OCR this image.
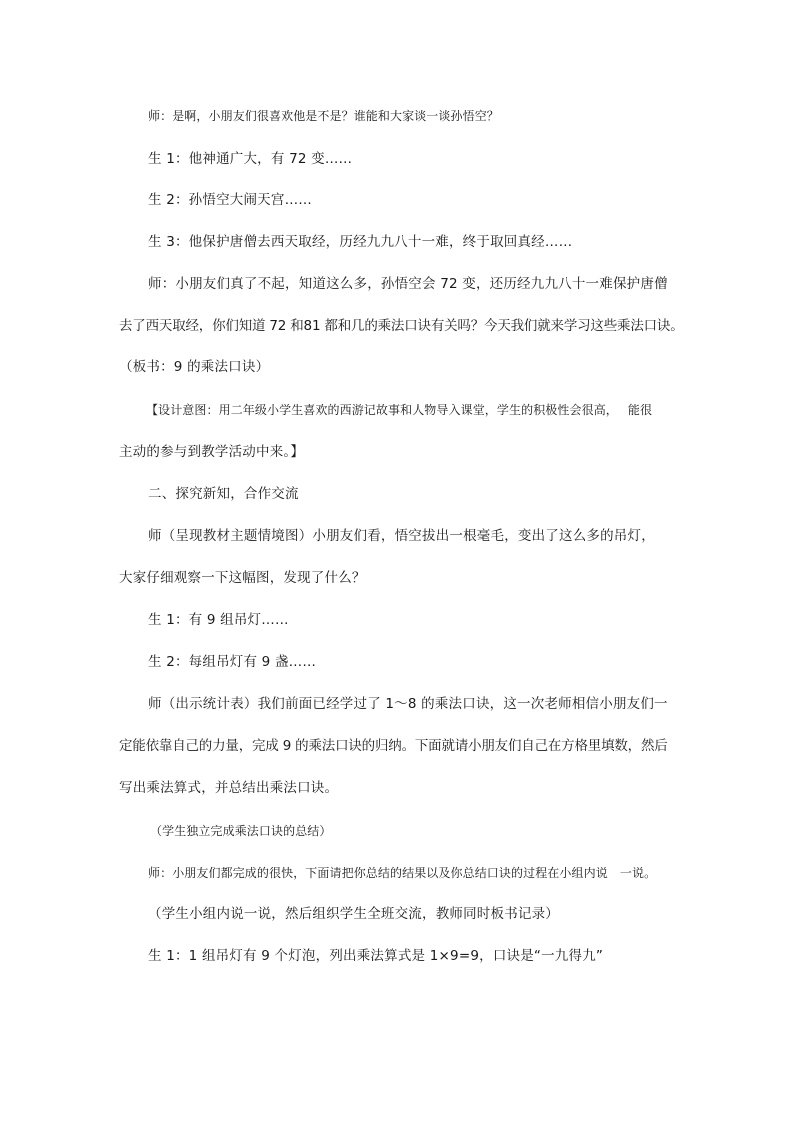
师：是啊，小朋友们很喜欢他是不是？谁能和大家谈一谈孙悟空？
生 1：他神通广大，有 72 变……
生 2：孙悟空大闹天宫……
生 3：他保护唐僧去西天取经，历经九九八十一难，终于取回真经……
师：小朋友们真了不起，知道这么多，孙悟空会 72 变，还历经九九八十一难保护唐僧
去了西天取经，你们知道 72 和81 都和几的乘法口诀有关吗？今天我们就来学习这些乘法口诀。
（板书：9 的乘法口诀）
【设计意图：用二年级小学生喜欢的西游记故事和人物导入课堂，学生的积极性会很高，　 能很
主动的参与到教学活动中来。】
二、探究新知，合作交流
师（呈现教材主题情境图）小朋友们看，悟空拔出一根毫毛，变出了这么多的吊灯，
大家仔细观察一下这幅图，发现了什么？
生 1：有 9 组吊灯……
生 2：每组吊灯有 9 盏……
师（出示统计表）我们前面已经学过了 1～8 的乘法口诀，这一次老师相信小朋友们一
定能依靠自己的力量，完成 9 的乘法口诀的归纳。下面就请小朋友们自己在方格里填数，然后
写出乘法算式，并总结出乘法口诀。
（学生独立完成乘法口诀的总结）
师：小朋友们都完成的很快，下面请把你总结的结果以及你总结口诀的过程在小组内说　一说。
（学生小组内说一说，然后组织学生全班交流，教师同时板书记录）
生 1：1 组吊灯有 9 个灯泡，列出乘法算式是 1×9=9，口诀是“一九得九”
